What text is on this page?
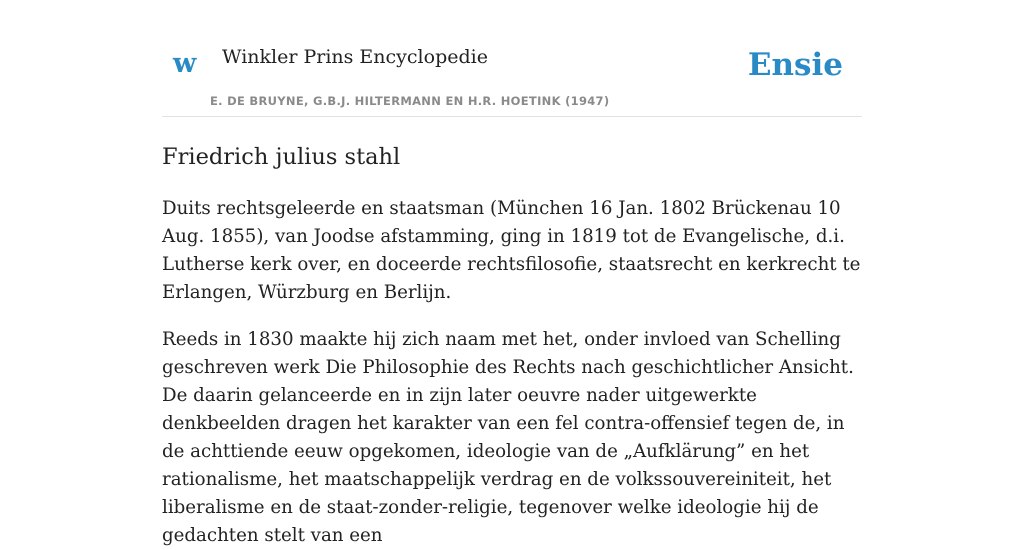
w Winkler Prins Encyclopedie
E. DE BRUYNE, G.B.J. HILTERMANN EN H.R. HOETINK (1947)
Ensie
Friedrich julius stahl

Duits rechtsgeleerde en staatsman (München 16 Jan. 1802 Brückenau 10 Aug. 1855), van Joodse afstamming, ging in 1819 tot de Evangelische, d.i. Lutherse kerk over, en doceerde rechtsfilosofie, staatsrecht en kerkrecht te Erlangen, Würzburg en Berlijn.

Reeds in 1830 maakte hij zich naam met het, onder invloed van Schelling geschreven werk Die Philosophie des Rechts nach geschichtlicher Ansicht. De daarin gelanceerde en in zijn later oeuvre nader uitgewerkte denkbeelden dragen het karakter van een fel contra-offensief tegen de, in de achttiende eeuw opgekomen, ideologie van de „Aufklärung” en het rationalisme, het maatschappelijk verdrag en de volkssouvereiniteit, het liberalisme en de staat-zonder-religie, tegenover welke ideologie hij de gedachten stelt van een
